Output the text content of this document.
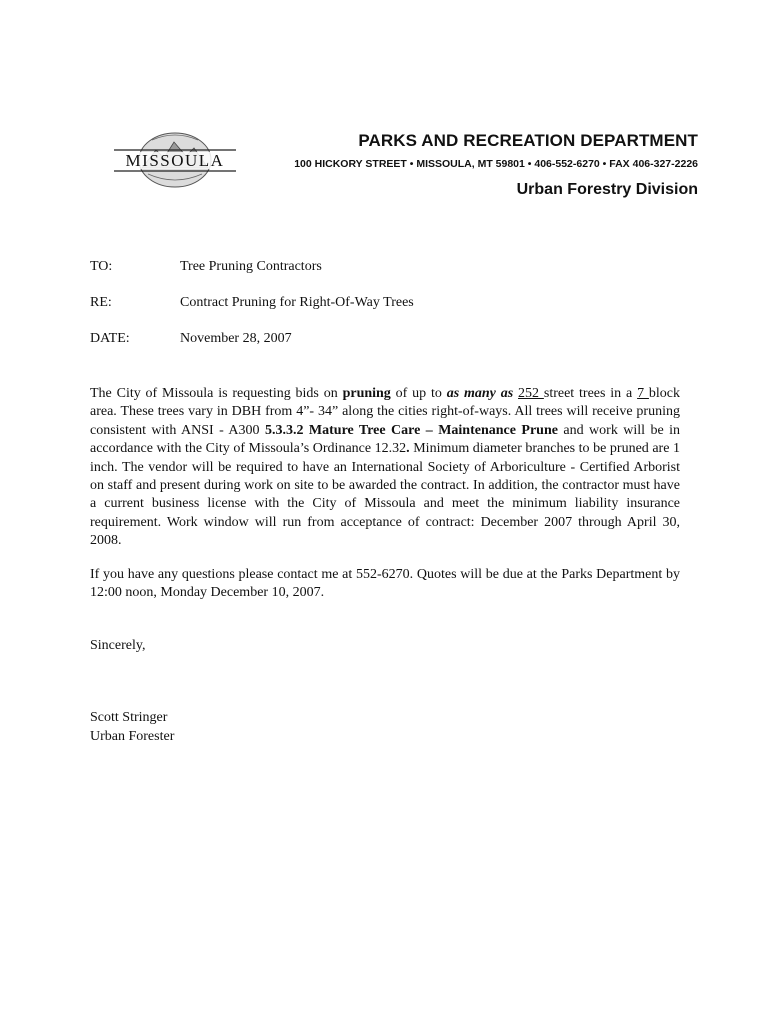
MISSOULA
PARKS AND RECREATION DEPARTMENT
100 HICKORY STREET • MISSOULA, MT 59801 • 406-552-6270 • FAX 406-327-2226
Urban Forestry Division
TO:	Tree Pruning Contractors
RE:	Contract Pruning for Right-Of-Way Trees
DATE:	November 28, 2007

The City of Missoula is requesting bids on pruning of up to as many as 252 street trees in a 7 block area. These trees vary in DBH from 4”- 34” along the cities right-of-ways. All trees will receive pruning consistent with ANSI - A300 5.3.3.2 Mature Tree Care – Maintenance Prune and work will be in accordance with the City of Missoula’s Ordinance 12.32. Minimum diameter branches to be pruned are 1 inch. The vendor will be required to have an International Society of Arboriculture - Certified Arborist on staff and present during work on site to be awarded the contract. In addition, the contractor must have a current business license with the City of Missoula and meet the minimum liability insurance requirement. Work window will run from acceptance of contract: December 2007 through April 30, 2008.

If you have any questions please contact me at 552-6270. Quotes will be due at the Parks Department by 12:00 noon, Monday December 10, 2007.

Sincerely,
Scott Stringer
Urban Forester
